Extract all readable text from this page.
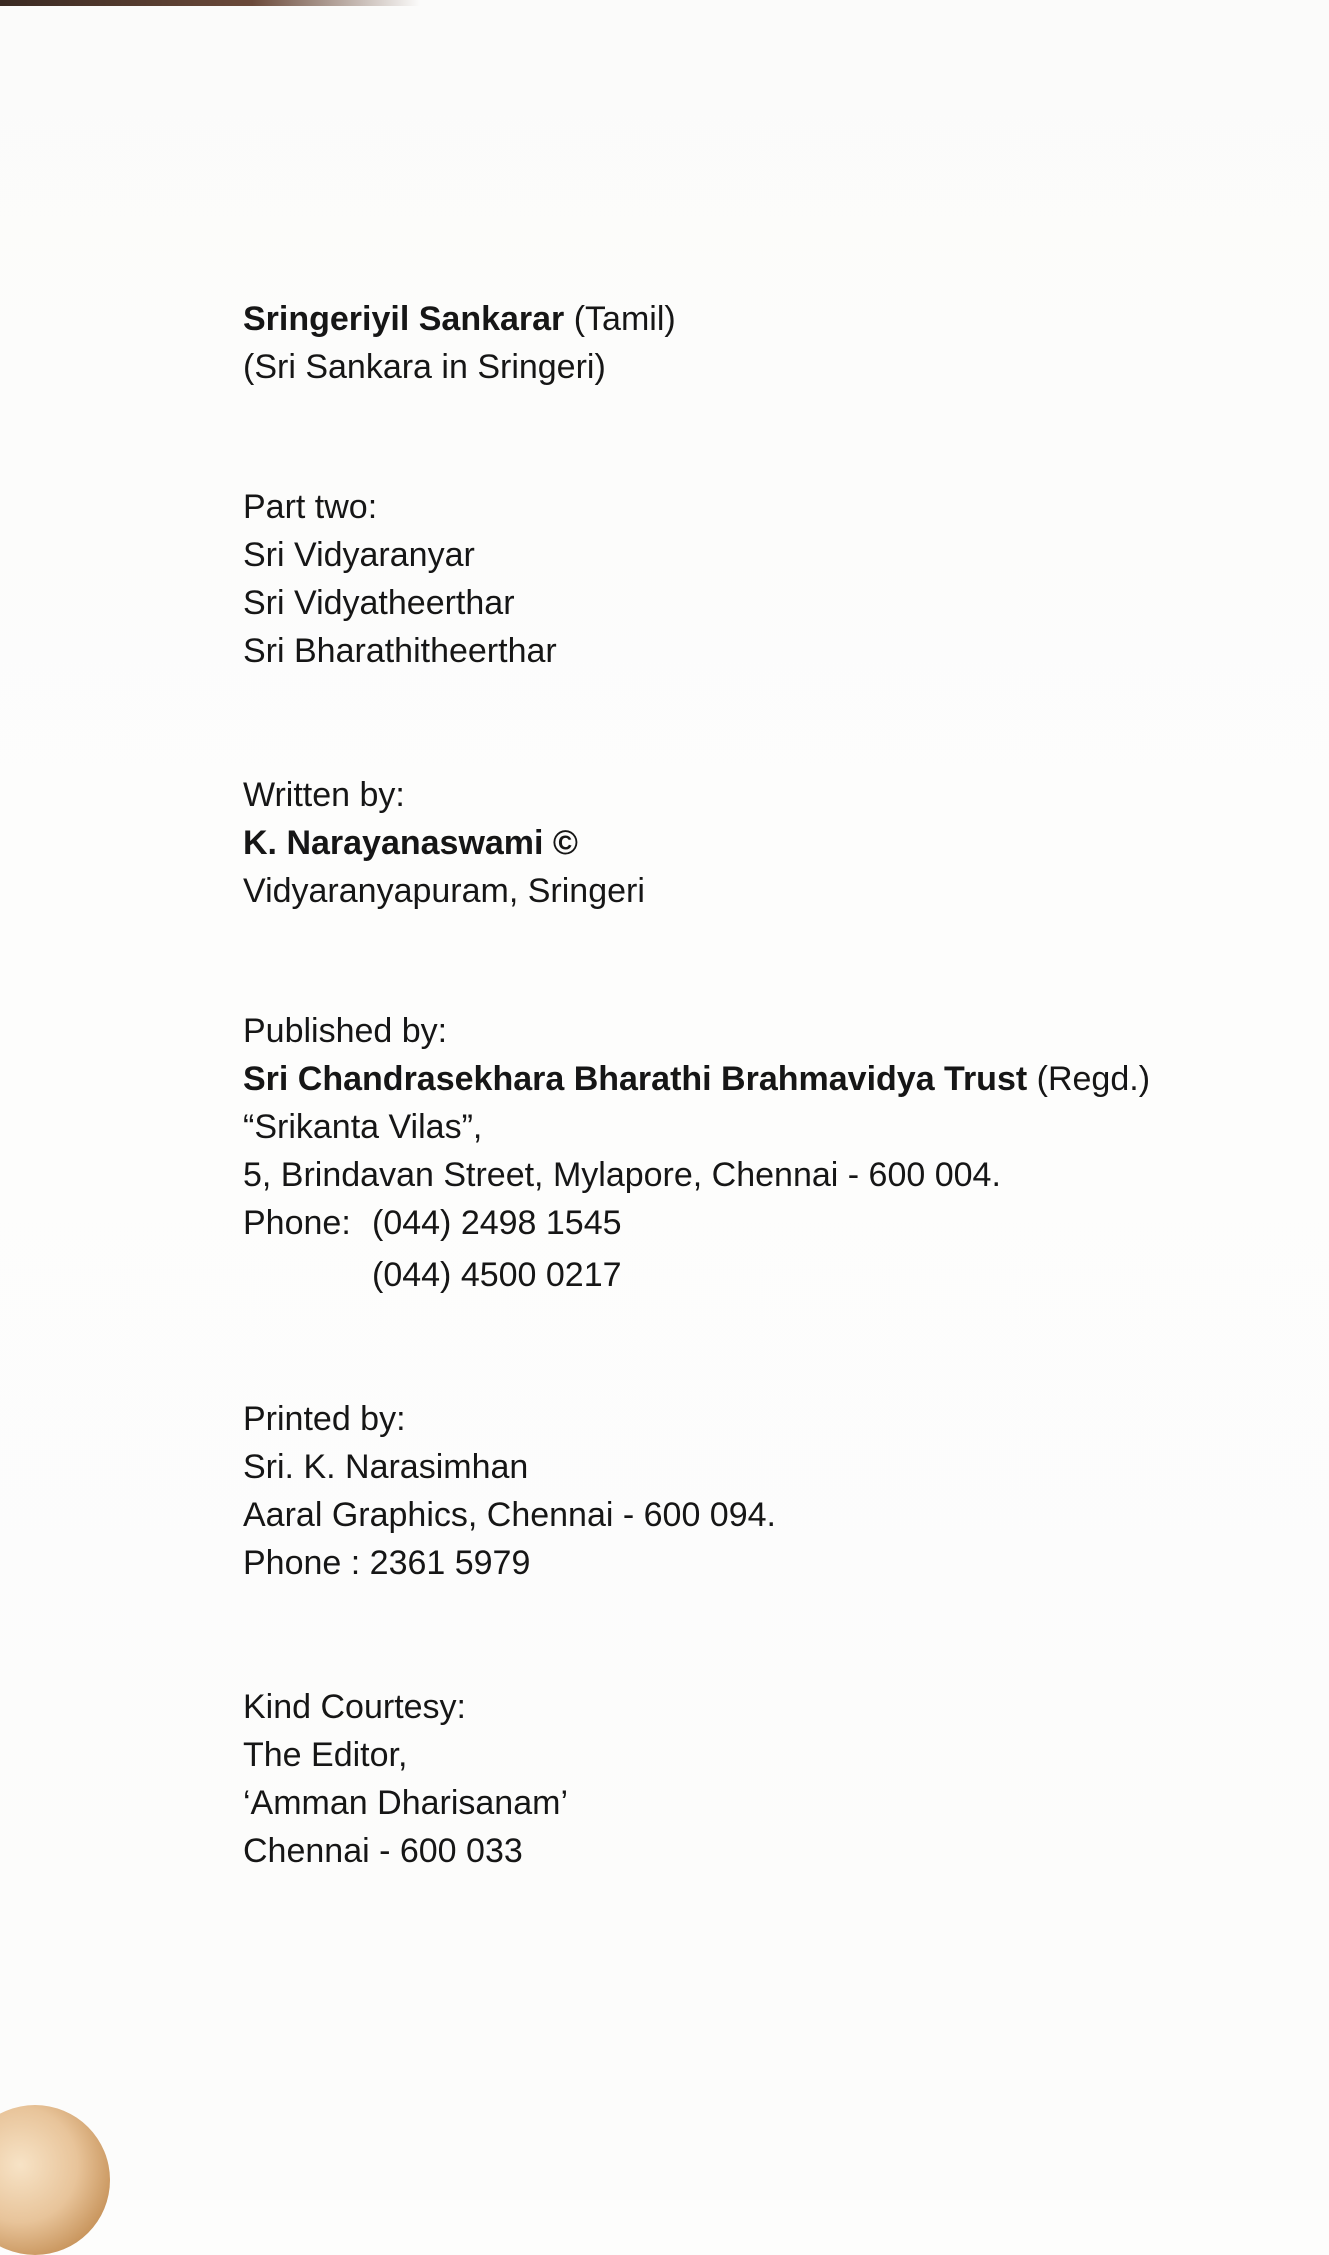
Sringeriyil Sankarar (Tamil)
(Sri Sankara in Sringeri)
Part two:
Sri Vidyaranyar
Sri Vidyatheerthar
Sri Bharathitheerthar
Written by:
K. Narayanaswami ©
Vidyaranyapuram, Sringeri
Published by:
Sri Chandrasekhara Bharathi Brahmavidya Trust (Regd.)
“Srikanta Vilas”,
5, Brindavan Street, Mylapore, Chennai - 600 004.
Phone: (044) 2498 1545
(044) 4500 0217
Printed by:
Sri. K. Narasimhan
Aaral Graphics, Chennai - 600 094.
Phone : 2361 5979
Kind Courtesy:
The Editor,
‘Amman Dharisanam’
Chennai - 600 033
